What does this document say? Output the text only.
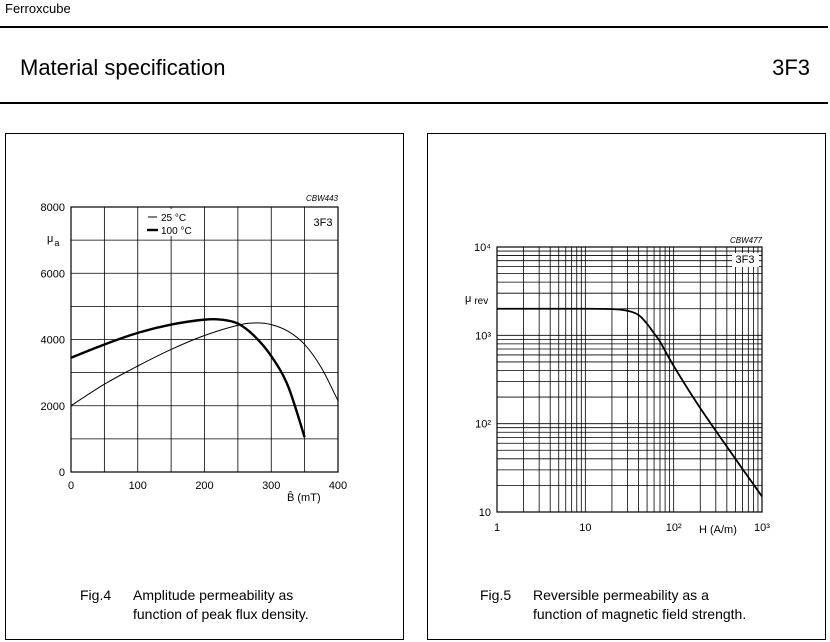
Ferroxcube
Material specification	3F3
25 °C
100 °C
0
2000
4000
6000
8000
0	100	200	300	400
$\mu_a$
B̂ (mT)
CBW443
3F3
Fig.4	Amplitude permeability as
function of peak flux density.
10
10²
10³
10⁴
1	10	10²	10³
μ rev
H (A/m)
CBW477
3F3
Fig.5	Reversible permeability as a
function of magnetic field strength.
